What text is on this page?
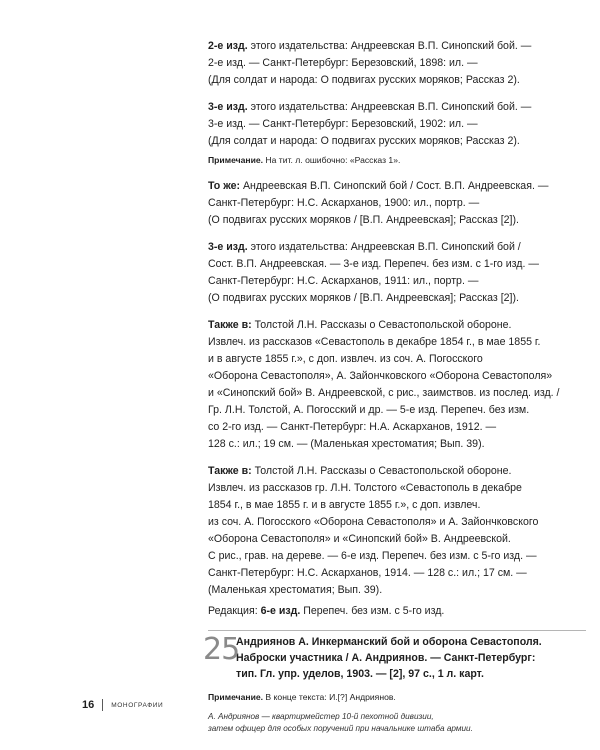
2-е изд. этого издательства: Андреевская В.П. Синопский бой. —
2-е изд. — Санкт-Петербург: Березовский, 1898: ил. —
(Для солдат и народа: О подвигах русских моряков; Рассказ 2).

3-е изд. этого издательства: Андреевская В.П. Синопский бой. —
3-е изд. — Санкт-Петербург: Березовский, 1902: ил. —
(Для солдат и народа: О подвигах русских моряков; Рассказ 2).

Примечание. На тит. л. ошибочно: «Рассказ 1».

То же: Андреевская В.П. Синопский бой / Сост. В.П. Андреевская. —
Санкт-Петербург: Н.С. Аскарханов, 1900: ил., портр. —
(О подвигах русских моряков / [В.П. Андреевская]; Рассказ [2]).

3-е изд. этого издательства: Андреевская В.П. Синопский бой /
Сост. В.П. Андреевская. — 3-е изд. Перепеч. без изм. с 1-го изд. —
Санкт-Петербург: Н.С. Аскарханов, 1911: ил., портр. —
(О подвигах русских моряков / [В.П. Андреевская]; Рассказ [2]).

Также в: Толстой Л.Н. Рассказы о Севастопольской обороне.
Извлеч. из рассказов «Севастополь в декабре 1854 г., в мае 1855 г.
и в августе 1855 г.», с доп. извлеч. из соч. А. Погосского
«Оборона Севастополя», А. Зайончковского «Оборона Севастополя»
и «Синопский бой» В. Андреевской, с рис., заимствов. из послед. изд. /
Гр. Л.Н. Толстой, А. Погосский и др. — 5-е изд. Перепеч. без изм.
со 2-го изд. — Санкт-Петербург: Н.А. Аскарханов, 1912. —
128 с.: ил.; 19 см. — (Маленькая хрестоматия; Вып. 39).

Также в: Толстой Л.Н. Рассказы о Севастопольской обороне.
Извлеч. из рассказов гр. Л.Н. Толстого «Севастополь в декабре
1854 г., в мае 1855 г. и в августе 1855 г.», с доп. извлеч.
из соч. А. Погосского «Оборона Севастополя» и А. Зайончковского
«Оборона Севастополя» и «Синопский бой» В. Андреевской.
С рис., грав. на дереве. — 6-е изд. Перепеч. без изм. с 5-го изд. —
Санкт-Петербург: Н.С. Аскарханов, 1914. — 128 с.: ил.; 17 см. —
(Маленькая хрестоматия; Вып. 39).

Редакция: 6-е изд. Перепеч. без изм. с 5-го изд.

25
Андриянов А. Инкерманский бой и оборона Севастополя.
Наброски участника / А. Андриянов. — Санкт-Петербург:
тип. Гл. упр. уделов, 1903. — [2], 97 с., 1 л. карт.

Примечание. В конце текста: И.[?] Андриянов.

А. Андриянов — квартирмейстер 10-й пехотной дивизии,
затем офицер для особых поручений при начальнике штаба армии.
16	МОНОГРАФИИ
